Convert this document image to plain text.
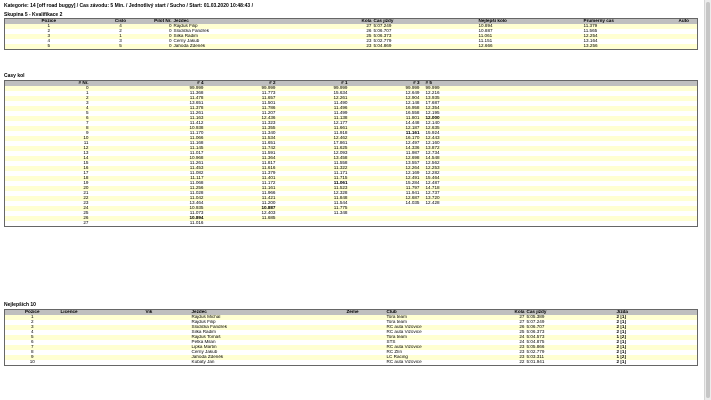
Kategorie: 14 [off road buggy] / Cas závodu: 5 Min. / Jednotlivý start / Sucho / Start: 01.03.2020 10:48:43 /
Skupina 5 - Kvalifikace 2
Pozice	Císlo	Pilot Nr.	Jezdec	Kola	Cas jízdy	Nejlepší kolo	Prumerný cas	Auto
1	4	0	Rajdus Filip	27	5:07.249	10.894	11.379	
2	2	0	Slodička Fandrek	26	5:06.707	10.887	11.565	
3	1	0	Šilka Radim	25	5:06.373	11.061	12.254	
4	3	0	Cerný Jakub	23	5:02.779	11.151	13.164	
5	5	0	Jahoda Zdeněk	23	5:04.869	12.666	13.256	
Casy kol
# Nr.	# 4	# 2	# 1	# 3	# 5
0	99.999	99.999	99.999	99.999	99.999
1	11.368	11.773	15.634	12.649	12.216
2	11.478	11.657	12.261	12.904	13.935
3	13.651	11.501	11.490	12.148	17.687
4	11.378	11.786	11.496	16.958	12.354
5	11.261	11.207	11.499	16.558	12.195
6	11.163	12.436	11.138	11.801	12.000
7	11.412	11.323	12.177	14.448	12.140
8	10.938	11.355	11.661	12.187	12.635
9	11.170	11.340	11.918	11.161	15.924
10	11.066	11.534	12.462	16.170	12.443
11	11.168	11.651	17.861	12.497	12.160
12	11.145	11.742	11.625	14.336	13.872
13	11.017	11.591	12.093	11.987	12.734
14	10.968	11.364	13.458	12.698	14.548
15	11.261	11.817	11.558	13.557	12.562
16	11.453	11.616	11.322	12.264	12.253
17	11.082	11.379	11.171	12.169	12.282
18	11.117	11.401	11.715	12.491	15.464
19	11.068	11.172	11.061	15.284	12.487
20	11.256	11.161	11.523	11.797	14.718
21	11.028	11.966	12.328	11.941	12.737
22	11.042	11.421	11.848	12.687	13.720
23	13.464	11.200	11.544	14.035	12.428
24	10.935	10.887	11.775		
25	11.073	12.403	11.348		
26	10.894	11.685			
27	11.016				
Nejlepších 10
Pozice	Licence	Vik	Jezdec	Zeme	Club	Kola	Cas jízdy	Jízda
1			Rajdus Michal		Tora team	27	5:05.389	2 [1]
2			Rajdus Filip		Tora team	27	5:07.249	2 [1]
3			Slodička Fandrek		RC auta Vizovice	26	5:06.707	2 [1]
4			Šilka Radim		RC auta Vizovice	25	5:06.373	2 [1]
5			Rajdus Tomáš		Tora team	24	5:04.573	1 [2]
6			Petka Milan		STS	24	5:04.875	2 [1]
7			Lipka Martin		RC auta Vizovice	23	5:05.866	2 [1]
8			Cerný Jakub		RC Zlín	23	5:02.779	2 [1]
9			Jahoda Zdeněk		LC Racing	23	5:03.311	1 [2]
10			Kubaty Jan		RC auta Vizovice	22	5:01.941	2 [1]
